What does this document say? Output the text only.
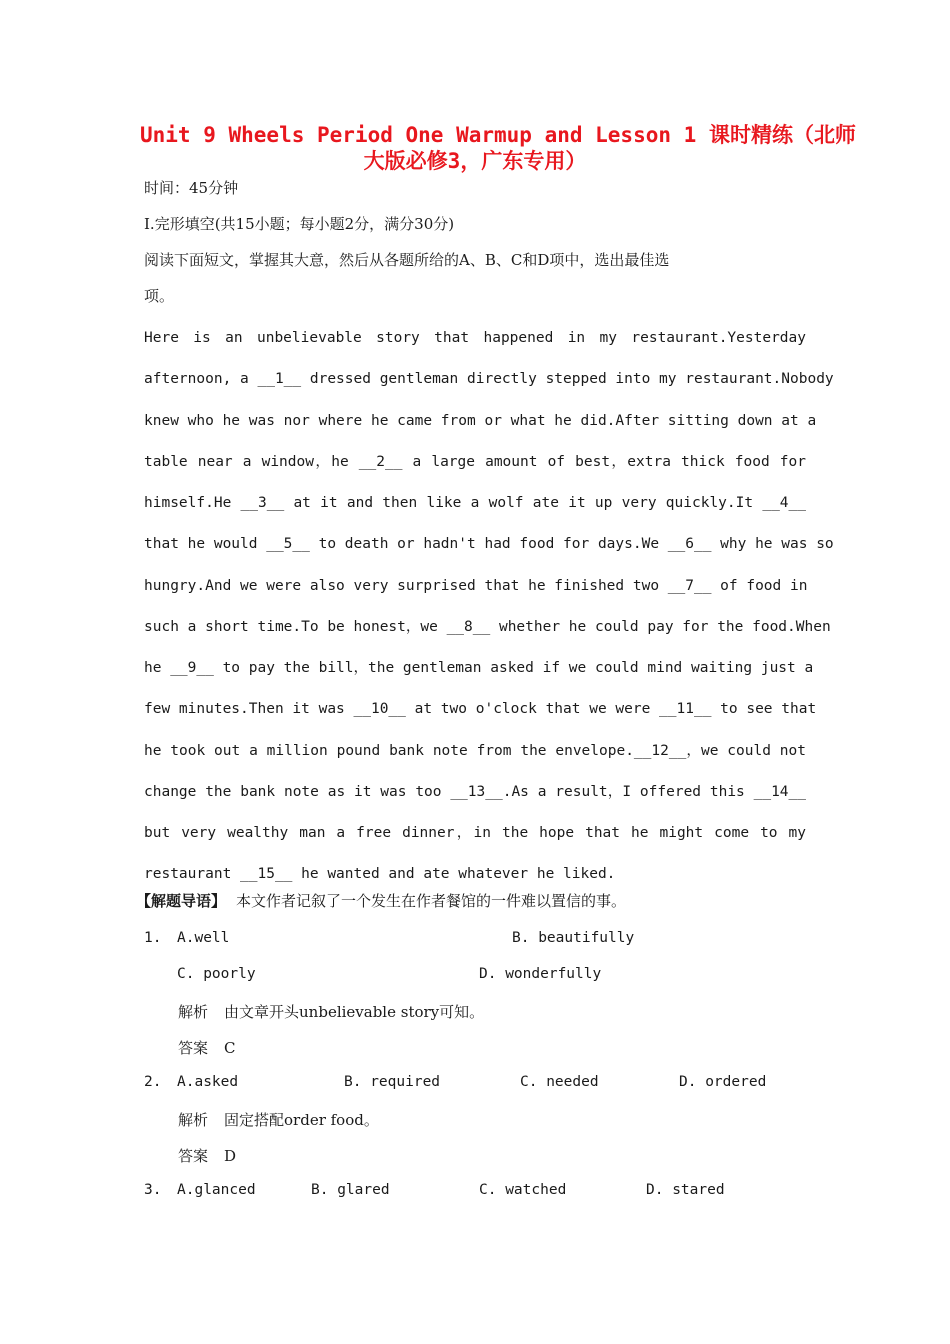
Unit 9 Wheels Period One Warmup and Lesson 1 课时精练（北师
大版必修3，广东专用）
时间：45分钟
Ⅰ.完形填空(共15小题；每小题2分，满分30分)
阅读下面短文，掌握其大意，然后从各题所给的A、B、C和D项中，选出最佳选
项。
Here is an unbelievable story that happened in my restaurant.Yesterday
afternoon, a __1__ dressed gentleman directly stepped into my restaurant.Nobody
knew who he was nor where he came from or what he did.After sitting down at a
table near a window，he __2__ a large amount of best，extra thick food for
himself.He __3__ at it and then like a wolf ate it up very quickly.It __4__
that he would __5__ to death or hadn't had food for days.We __6__ why he was so
hungry.And we were also very surprised that he finished two __7__ of food in
such a short time.To be honest，we __8__ whether he could pay for the food.When
he __9__ to pay the bill，the gentleman asked if we could mind waiting just a
few minutes.Then it was __10__ at two o'clock that we were __11__ to see that
he took out a million pound bank note from the envelope.__12__，we could not
change the bank note as it was too __13__.As a result，I offered this __14__
but very wealthy man a free dinner，in the hope that he might come to my
restaurant __15__ he wanted and ate whatever he liked.
【解题导语】 本文作者记叙了一个发生在作者餐馆的一件难以置信的事。
1. A.well	B. beautifully
C. poorly	D. wonderfully
解析 由文章开头unbelievable story可知。
答案 C
2. A.asked	B. required	C. needed	D. ordered
解析 固定搭配order food。
答案 D
3. A.glanced	B. glared	C. watched	D. stared
